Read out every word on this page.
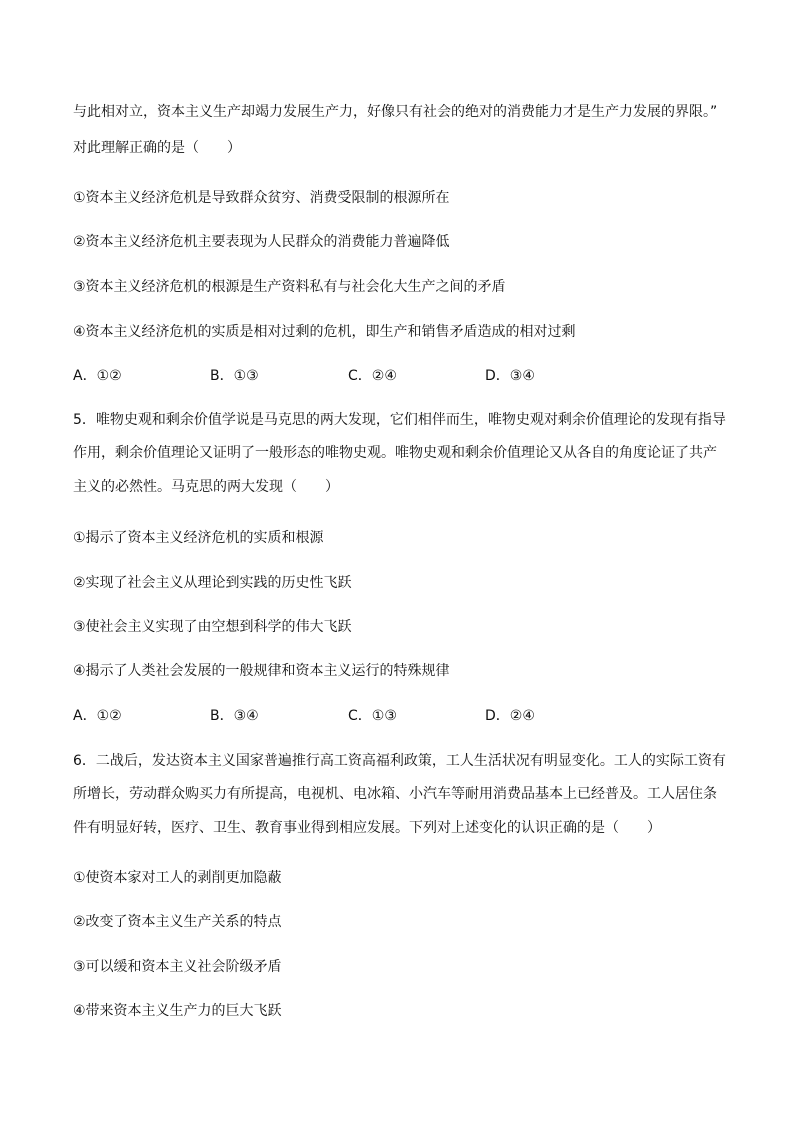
与此相对立，资本主义生产却竭力发展生产力，好像只有社会的绝对的消费能力才是生产力发展的界限。”
对此理解正确的是（　　）
①资本主义经济危机是导致群众贫穷、消费受限制的根源所在
②资本主义经济危机主要表现为人民群众的消费能力普遍降低
③资本主义经济危机的根源是生产资料私有与社会化大生产之间的矛盾
④资本主义经济危机的实质是相对过剩的危机，即生产和销售矛盾造成的相对过剩
A．①②	B．①③	C．②④	D．③④
5．唯物史观和剩余价值学说是马克思的两大发现，它们相伴而生，唯物史观对剩余价值理论的发现有指导
作用，剩余价值理论又证明了一般形态的唯物史观。唯物史观和剩余价值理论又从各自的角度论证了共产
主义的必然性。马克思的两大发现（　　）
①揭示了资本主义经济危机的实质和根源
②实现了社会主义从理论到实践的历史性飞跃
③使社会主义实现了由空想到科学的伟大飞跃
④揭示了人类社会发展的一般规律和资本主义运行的特殊规律
A．①②	B．③④	C．①③	D．②④
6．二战后，发达资本主义国家普遍推行高工资高福利政策，工人生活状况有明显变化。工人的实际工资有
所增长，劳动群众购买力有所提高，电视机、电冰箱、小汽车等耐用消费品基本上已经普及。工人居住条
件有明显好转，医疗、卫生、教育事业得到相应发展。下列对上述变化的认识正确的是（　　）
①使资本家对工人的剥削更加隐蔽
②改变了资本主义生产关系的特点
③可以缓和资本主义社会阶级矛盾
④带来资本主义生产力的巨大飞跃
